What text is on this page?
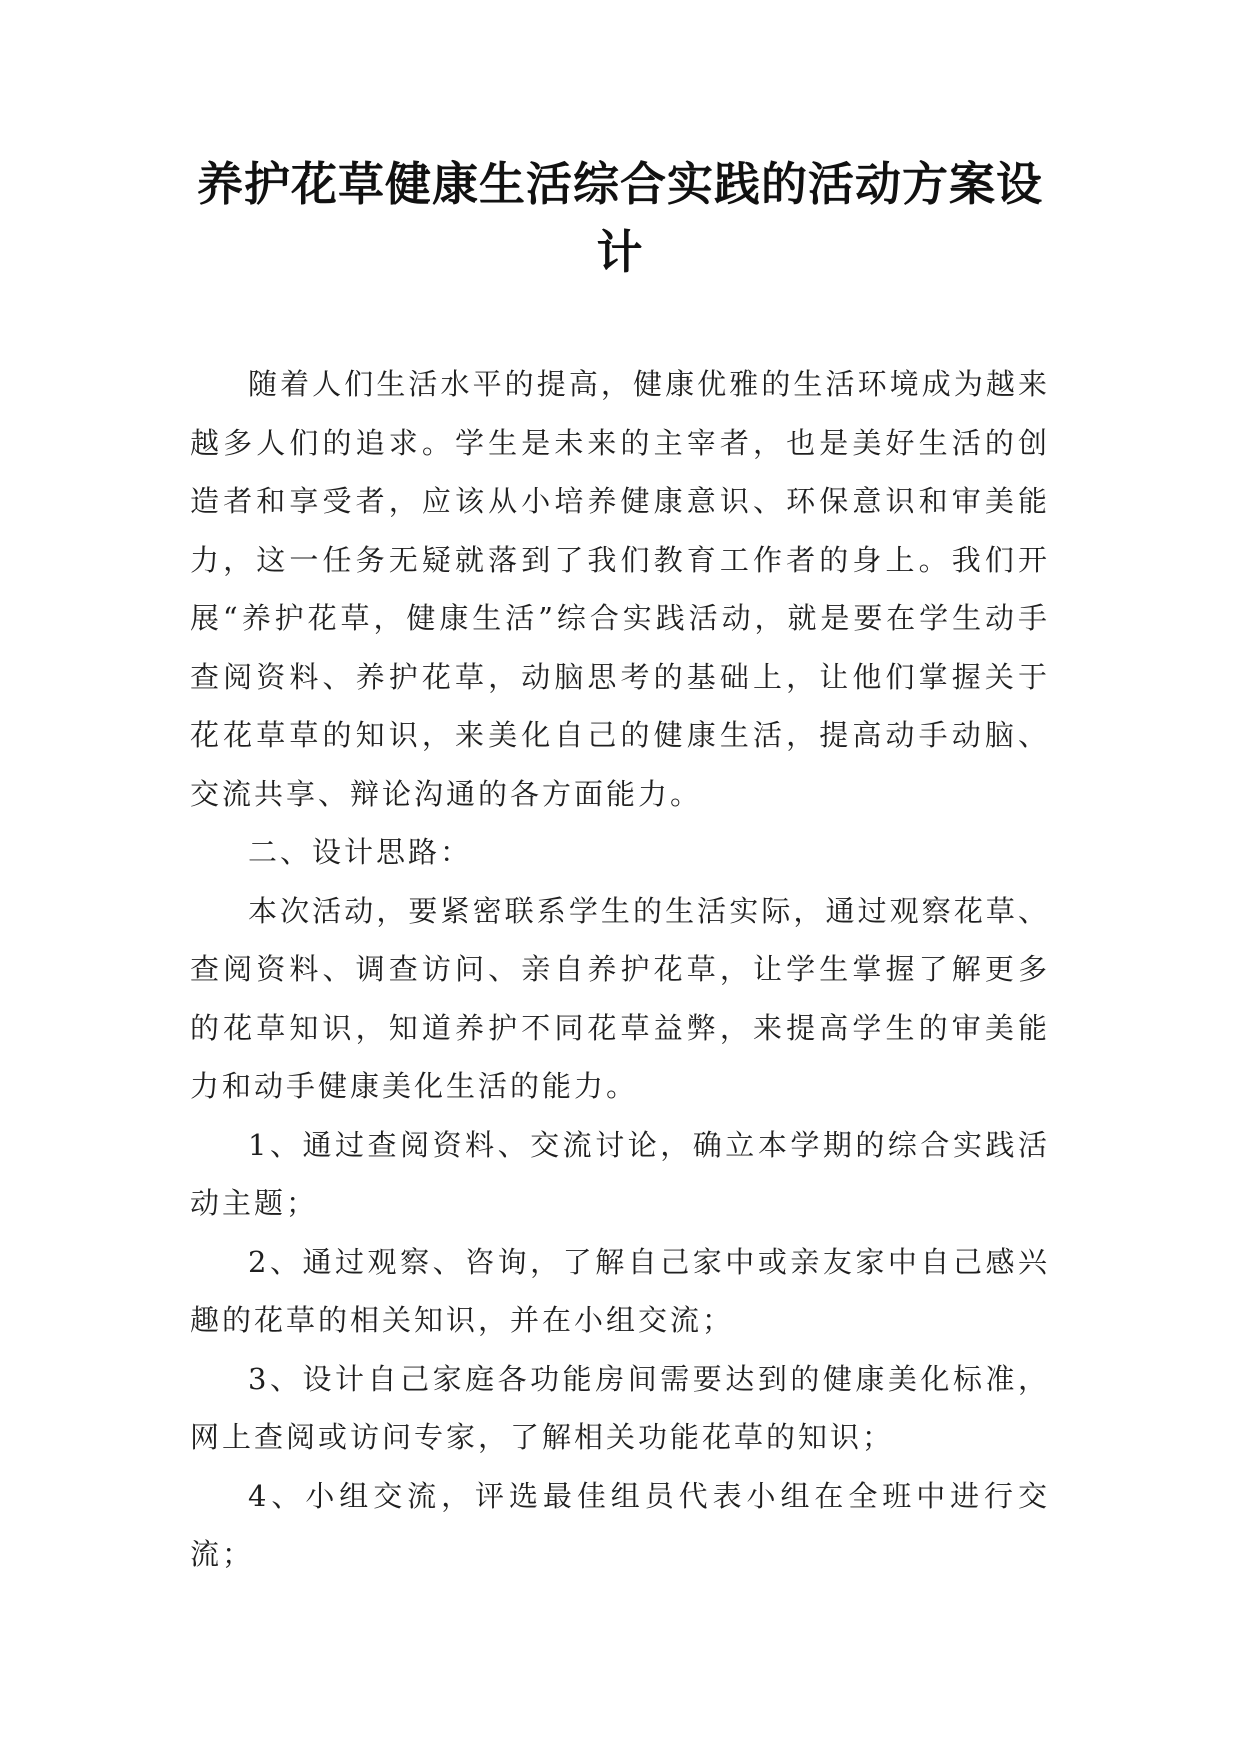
养护花草健康生活综合实践的活动方案设计

随着人们生活水平的提高，健康优雅的生活环境成为越来越多人们的追求。学生是未来的主宰者，也是美好生活的创造者和享受者，应该从小培养健康意识、环保意识和审美能力，这一任务无疑就落到了我们教育工作者的身上。我们开展“养护花草，健康生活”综合实践活动，就是要在学生动手查阅资料、养护花草，动脑思考的基础上，让他们掌握关于花花草草的知识，来美化自己的健康生活，提高动手动脑、交流共享、辩论沟通的各方面能力。

二、设计思路：

本次活动，要紧密联系学生的生活实际，通过观察花草、查阅资料、调查访问、亲自养护花草，让学生掌握了解更多的花草知识，知道养护不同花草益弊，来提高学生的审美能力和动手健康美化生活的能力。

1、通过查阅资料、交流讨论，确立本学期的综合实践活动主题；

2、通过观察、咨询，了解自己家中或亲友家中自己感兴趣的花草的相关知识，并在小组交流；

3、设计自己家庭各功能房间需要达到的健康美化标准，网上查阅或访问专家，了解相关功能花草的知识；

4、小组交流，评选最佳组员代表小组在全班中进行交流；
